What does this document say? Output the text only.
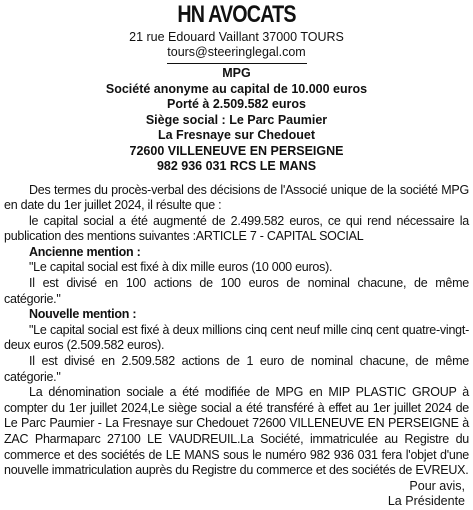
HN AVOCATS
21 rue Edouard Vaillant 37000 TOURS
tours@steeringlegal.com
MPG
Société anonyme au capital de 10.000 euros
Porté à 2.509.582 euros
Siège social : Le Parc Paumier
La Fresnaye sur Chedouet
72600 VILLENEUVE EN PERSEIGNE
982 936 031 RCS LE MANS

Des termes du procès-verbal des décisions de l'Associé unique de la société MPG en date du 1er juillet 2024, il résulte que :

le capital social a été augmenté de 2.499.582 euros, ce qui rend nécessaire la publication des mentions suivantes :ARTICLE 7 - CAPITAL SOCIAL

Ancienne mention :

"Le capital social est fixé à dix mille euros (10 000 euros).

Il est divisé en 100 actions de 100 euros de nominal chacune, de même catégorie."

Nouvelle mention :

"Le capital social est fixé à deux millions cinq cent neuf mille cinq cent quatre-vingt-deux euros (2.509.582 euros).

Il est divisé en 2.509.582 actions de 1 euro de nominal chacune, de même catégorie."

La dénomination sociale a été modifiée de MPG en MIP PLASTIC GROUP à compter du 1er juillet 2024,Le siège social a été transféré à effet au 1er juillet 2024 de Le Parc Paumier - La Fresnaye sur Chedouet 72600 VILLENEUVE EN PERSEIGNE à ZAC Pharmaparc 27100 LE VAUDREUIL.La Société, immatriculée au Registre du commerce et des sociétés de LE MANS sous le numéro 982 936 031 fera l'objet d'une nouvelle immatriculation auprès du Registre du commerce et des sociétés de EVREUX.

Pour avis,
La Présidente
